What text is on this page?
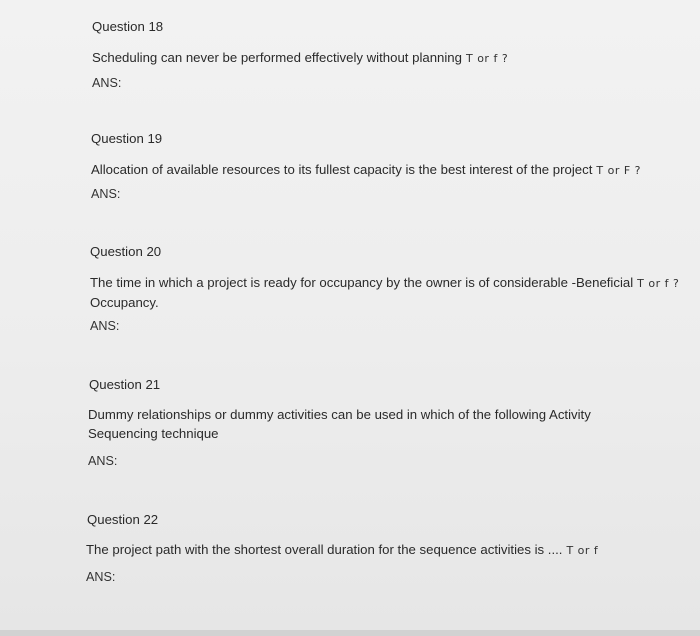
Question 18
Scheduling can never be performed effectively without planning T or f ?
ANS:
Question 19
Allocation of available resources to its fullest capacity is the best interest of the project T or F ?
ANS:
Question 20
The time in which a project is ready for occupancy by the owner is of considerable -Beneficial T or f ?
Occupancy.
ANS:
Question 21
Dummy relationships or dummy activities can be used in which of the following Activity
Sequencing technique
ANS:
Question 22
The project path with the shortest overall duration for the sequence activities is .... T or f
ANS:
